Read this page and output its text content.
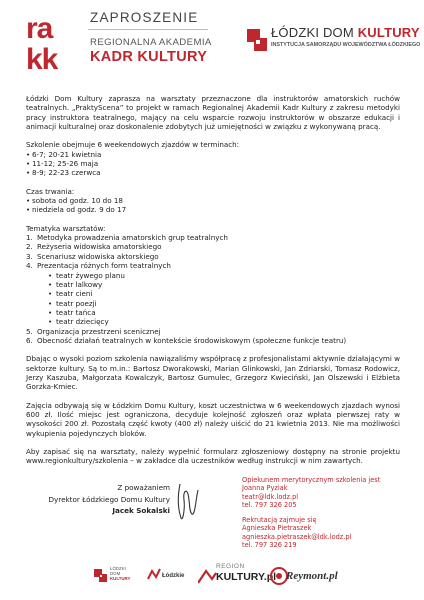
ra
kk
ZAPROSZENIE
REGIONALNA AKADEMIA
KADR KULTURY
ŁÓDZKI DOM KULTURY
INSTYTUCJA SAMORZĄDU WOJEWÓDZTWA ŁÓDZKIEGO

Łódzki Dom Kultury zaprasza na warsztaty przeznaczone dla instruktorów amatorskich ruchów teatralnych. „PraktyScena” to projekt w ramach Regionalnej Akademii Kadr Kultury z zakresu metodyki pracy instruktora teatralnego, mający na celu wsparcie rozwoju instruktorów w obszarze edukacji i animacji kulturalnej oraz doskonalenie zdobytych już umiejętności w związku z wykonywaną pracą.

Szkolenie obejmuje 6 weekendowych zjazdów w terminach:

• 6-7; 20-21 kwietnia
• 11-12; 25-26 maja
• 8-9; 22-23 czerwca

Czas trwania:

• sobota od godz. 10 do 18
• niedziela od godz. 9 do 17

Tematyka warsztatów:

1. Metodyka prowadzenia amatorskich grup teatralnych
2. Reżyseria widowiska amatorskiego
3. Scenariusz widowiska aktorskiego
4. Prezentacja różnych form teatralnych
• teatr żywego planu
• teatr lalkowy
• teatr cieni
• teatr poezji
• teatr tańca
• teatr dziecięcy
5. Organizacja przestrzeni scenicznej
6. Obecność działań teatralnych w kontekście środowiskowym (społeczne funkcje teatru)

Dbając o wysoki poziom szkolenia nawiązaliśmy współpracę z profesjonalistami aktywnie działającymi w sektorze kultury. Są to m.in.: Bartosz Dworakowski, Marian Glinkowski, Jan Zdriarski, Tomasz Rodowicz, Jerzy Kaszuba, Małgorzata Kowalczyk, Bartosz Gumulec, Grzegorz Kwieciński, Jan Olszewski i Elżbieta Gorzka-Kmiec.

Zajęcia odbywają się w Łódzkim Domu Kultury, koszt uczestnictwa w 6 weekendowych zjazdach wynosi 600 zł. Ilość miejsc jest ograniczona, decyduje kolejność zgłoszeń oraz wpłata pierwszej raty w wysokości 200 zł. Pozostałą część kwoty (400 zł) należy uiścić do 21 kwietnia 2013. Nie ma możliwości wykupienia pojedynczych bloków.

Aby zapisać się na warsztaty, należy wypełnić formularz zgłoszeniowy dostępny na stronie projektu www.regionkultury/szkolenia – w zakładce dla uczestników według instrukcji w nim zawartych.

Z poważaniem
Dyrektor Łódzkiego Domu Kultury
Jacek Sokalski
Opiekunem merytorycznym szkolenia jest
Joanna Pyziak
teatr@ldk.lodz.pl
tel. 797 326 205
Rekrutacją zajmuje się
Agnieszka Pietraszek
agnieszka.pietraszek@ldk.lodz.pl
tel. 797 326 219
ŁÓDZKI
DOM
KULTURY	Łódzkie
REGION
KULTURY.pl Reymont.pl
